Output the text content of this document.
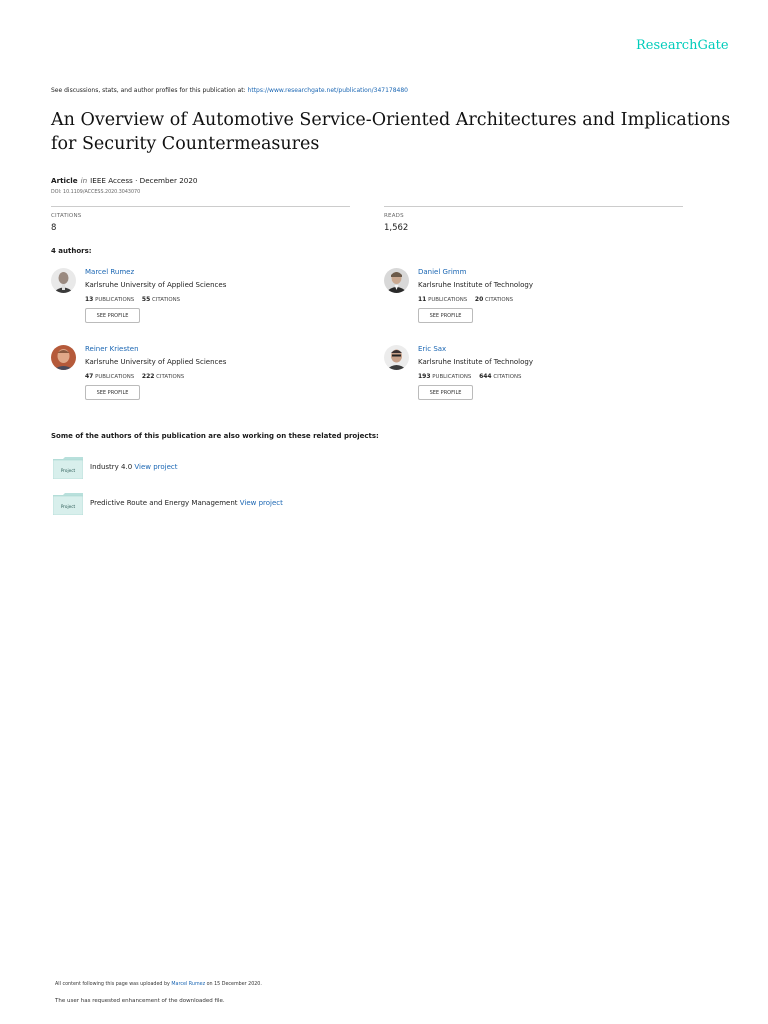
ResearchGate
See discussions, stats, and author profiles for this publication at: https://www.researchgate.net/publication/347178480
An Overview of Automotive Service-Oriented Architectures and Implications for Security Countermeasures
Article in IEEE Access · December 2020
DOI: 10.1109/ACCESS.2020.3043070
CITATIONS
8
READS
1,562
4 authors:
Marcel Rumez
Karlsruhe University of Applied Sciences
13 PUBLICATIONS 55 CITATIONS
SEE PROFILE
Daniel Grimm
Karlsruhe Institute of Technology
11 PUBLICATIONS 20 CITATIONS
SEE PROFILE
Reiner Kriesten
Karlsruhe University of Applied Sciences
47 PUBLICATIONS 222 CITATIONS
SEE PROFILE
Eric Sax
Karlsruhe Institute of Technology
193 PUBLICATIONS 644 CITATIONS
SEE PROFILE
Some of the authors of this publication are also working on these related projects:
Project Industry 4.0 View project
Project Predictive Route and Energy Management View project
All content following this page was uploaded by Marcel Rumez on 15 December 2020.
The user has requested enhancement of the downloaded file.
